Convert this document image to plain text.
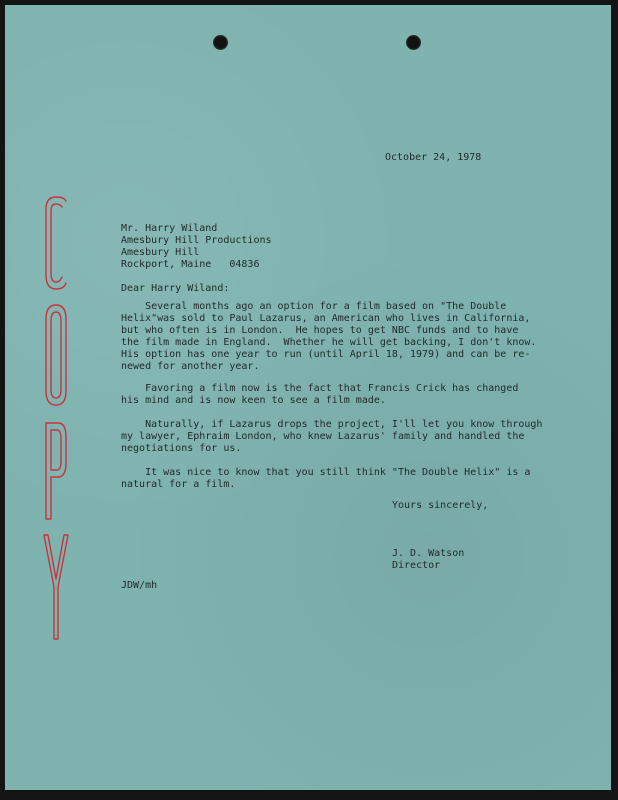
October 24, 1978
Mr. Harry Wiland
Amesbury Hill Productions
Amesbury Hill
Rockport, Maine   04836
Dear Harry Wiland:

Several months ago an option for a film based on "The Double

Helix"was sold to Paul Lazarus, an American who lives in California,

but who often is in London.  He hopes to get NBC funds and to have

the film made in England.  Whether he will get backing, I don't know.

His option has one year to run (until April 18, 1979) and can be re-

newed for another year.

Favoring a film now is the fact that Francis Crick has changed

his mind and is now keen to see a film made.

Naturally, if Lazarus drops the project, I'll let you know through

my lawyer, Ephraim London, who knew Lazarus' family and handled the

negotiations for us.

It was nice to know that you still think "The Double Helix" is a

natural for a film.

Yours sincerely,
J. D. Watson
Director
JDW/mh
